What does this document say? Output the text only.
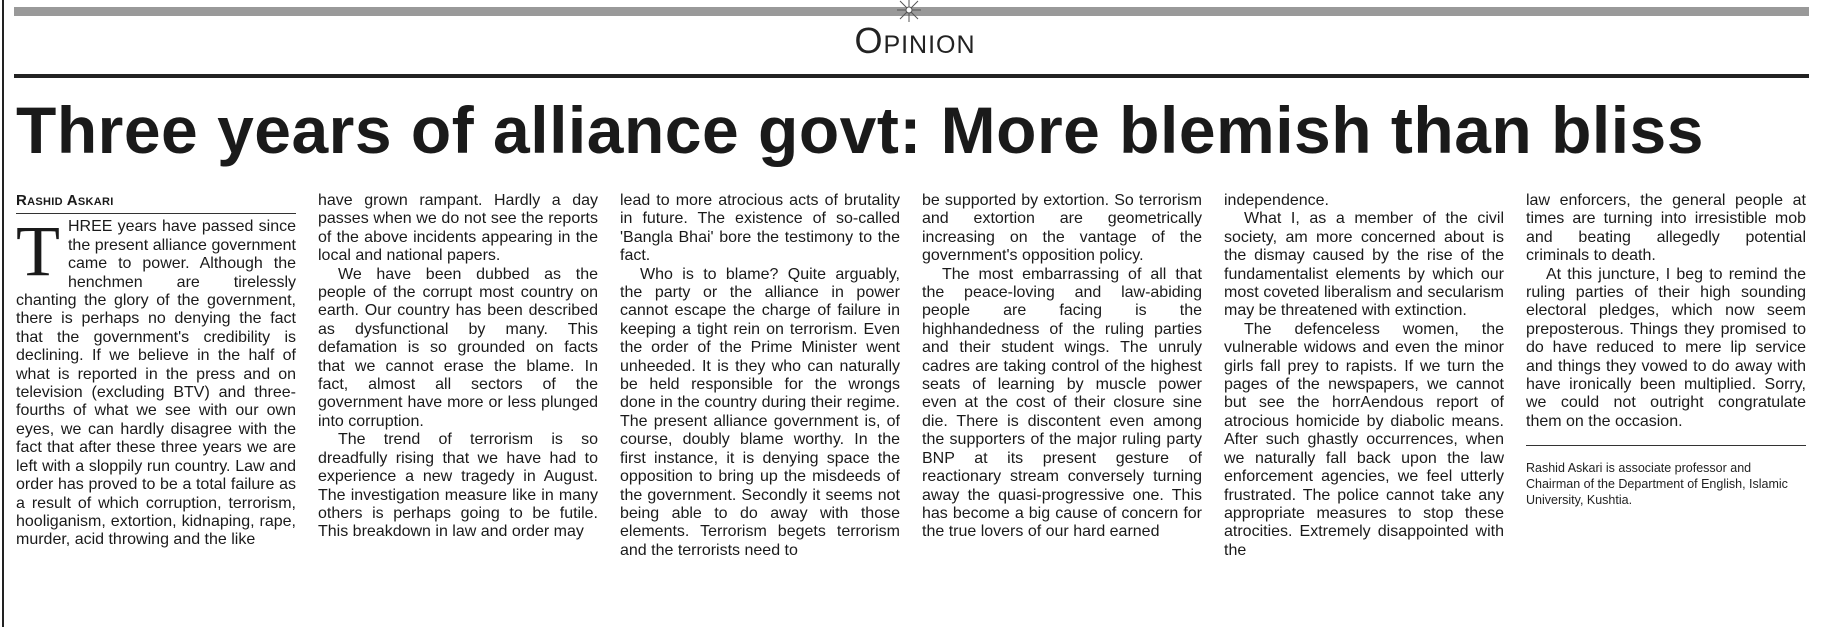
Opinion
Three years of alliance govt: More blemish than bliss
Rashid Askari
T HREE years have passed since the present alliance government came to power. Although the henchmen are tirelessly chanting the glory of the government, there is perhaps no denying the fact that the government's credibility is declining. If we believe in the half of what is reported in the press and on television (excluding BTV) and three-fourths of what we see with our own eyes, we can hardly disagree with the fact that after these three years we are left with a sloppily run country. Law and order has proved to be a total failure as a result of which corruption, terrorism, hooliganism, extortion, kidnaping, rape, murder, acid throwing and the like

have grown rampant. Hardly a day passes when we do not see the reports of the above incidents appearing in the local and national papers.

We have been dubbed as the people of the corrupt most country on earth. Our country has been described as dysfunctional by many. This defamation is so grounded on facts that we cannot erase the blame. In fact, almost all sectors of the government have more or less plunged into corruption.

The trend of terrorism is so dreadfully rising that we have had to experience a new tragedy in August. The investigation measure like in many others is perhaps going to be futile. This breakdown in law and order may

lead to more atrocious acts of brutality in future. The existence of so-called 'Bangla Bhai' bore the testimony to the fact.

Who is to blame? Quite arguably, the party or the alliance in power cannot escape the charge of failure in keeping a tight rein on terrorism. Even the order of the Prime Minister went unheeded. It is they who can naturally be held responsible for the wrongs done in the country during their regime. The present alliance government is, of course, doubly blame worthy. In the first instance, it is denying space the opposition to bring up the misdeeds of the government. Secondly it seems not being able to do away with those elements. Terrorism begets terrorism and the terrorists need to

be supported by extortion. So terrorism and extortion are geometrically increasing on the vantage of the government's opposition policy.

The most embarrassing of all that the peace-loving and law-abiding people are facing is the highhandedness of the ruling parties and their student wings. The unruly cadres are taking control of the highest seats of learning by muscle power even at the cost of their closure sine die. There is discontent even among the supporters of the major ruling party BNP at its present gesture of reactionary stream conversely turning away the quasi-progressive one. This has become a big cause of concern for the true lovers of our hard earned

independence.

What I, as a member of the civil society, am more concerned about is the dismay caused by the rise of the fundamentalist elements by which our most coveted liberalism and secularism may be threatened with extinction.

The defenceless women, the vulnerable widows and even the minor girls fall prey to rapists. If we turn the pages of the newspapers, we cannot but see the horrAendous report of atrocious homicide by diabolic means. After such ghastly occurrences, when we naturally fall back upon the law enforcement agencies, we feel utterly frustrated. The police cannot take any appropriate measures to stop these atrocities. Extremely disappointed with the

law enforcers, the general people at times are turning into irresistible mob and beating allegedly potential criminals to death.

At this juncture, I beg to remind the ruling parties of their high sounding electoral pledges, which now seem preposterous. Things they promised to do have reduced to mere lip service and things they vowed to do away with have ironically been multiplied. Sorry, we could not outright congratulate them on the occasion.

Rashid Askari is associate professor and Chairman of the Department of English, Islamic University, Kushtia.
